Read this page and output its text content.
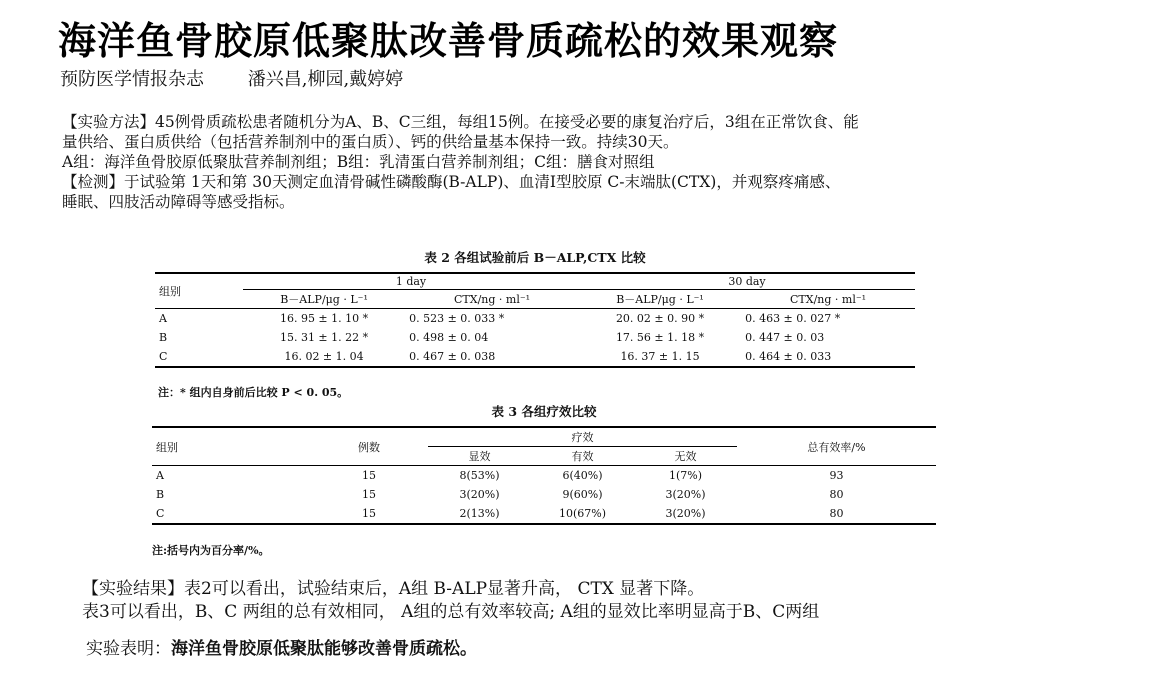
海洋鱼骨胶原低聚肽改善骨质疏松的效果观察
预防医学情报杂志 潘兴昌,柳园,戴婷婷
【实验方法】45例骨质疏松患者随机分为A、B、C三组，每组15例。在接受必要的康复治疗后，3组在正常饮食、能
量供给、蛋白质供给（包括营养制剂中的蛋白质）、钙的供给量基本保持一致。持续30天。
A组：海洋鱼骨胶原低聚肽营养制剂组；B组：乳清蛋白营养制剂组；C组：膳食对照组
【检测】于试验第 1天和第 30天测定血清骨碱性磷酸酶(B-ALP)、血清I型胶原 C-末端肽(CTX)，并观察疼痛感、
睡眠、四肢活动障碍等感受指标。
表 2 各组试验前后 B－ALP,CTX 比较
组别	1 day		30 day	
	B－ALP/μg · L⁻¹	CTX/ng · ml⁻¹	B－ALP/μg · L⁻¹	CTX/ng · ml⁻¹
A	16. 95 ± 1. 10 *	0. 523 ± 0. 033 *	20. 02 ± 0. 90 *	0. 463 ± 0. 027 *
B	15. 31 ± 1. 22 *	0. 498 ± 0. 04	17. 56 ± 1. 18 *	0. 447 ± 0. 03
C	16. 02 ± 1. 04	0. 467 ± 0. 038	16. 37 ± 1. 15	0. 464 ± 0. 033
注：* 组内自身前后比较 P < 0. 05。
表 3 各组疗效比较
组别	例数	疗效			总有效率/%
		显效	有效	无效	
A	15	8(53%)	6(40%)	1(7%)	93
B	15	3(20%)	9(60%)	3(20%)	80
C	15	2(13%)	10(67%)	3(20%)	80
注:括号内为百分率/%。
【实验结果】表2可以看出，试验结束后，A组 B-ALP显著升高， CTX 显著下降。
表3可以看出，B、C 两组的总有效相同， A组的总有效率较高; A组的显效比率明显高于B、C两组
实验表明：海洋鱼骨胶原低聚肽能够改善骨质疏松。
